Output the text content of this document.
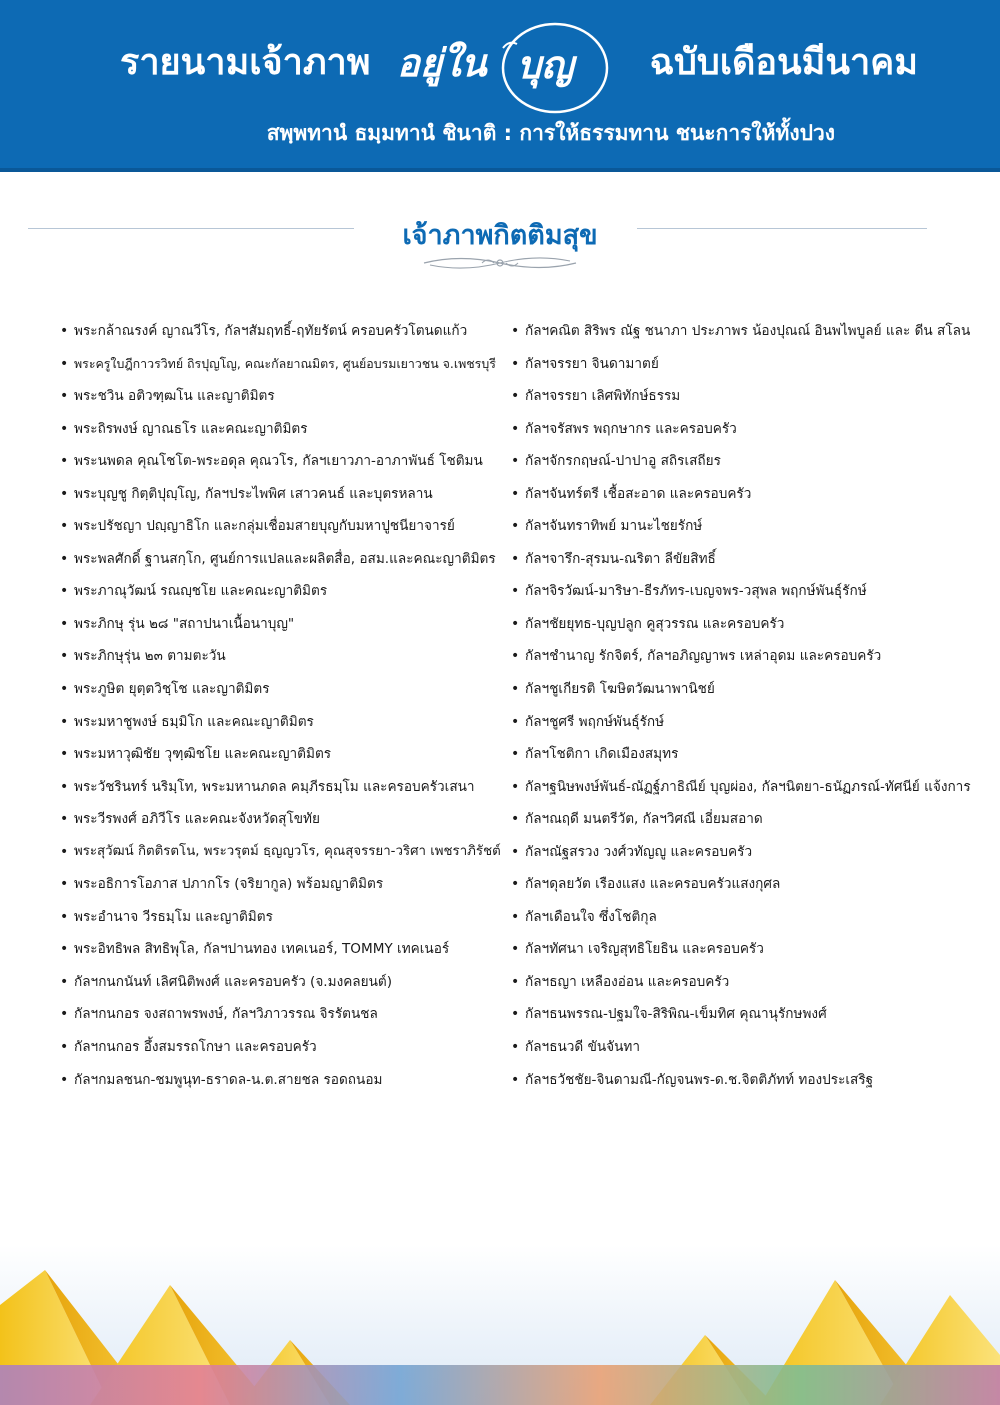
รายนามเจ้าภาพ อยู่ใน บุญ ฉบับเดือนมีนาคม
สพฺพทานํ ธมฺมทานํ ชินาติ : การให้ธรรมทาน ชนะการให้ทั้งปวง
เจ้าภาพกิตติมสุข
• พระกล้าณรงค์ ญาณวีโร, กัลฯสัมฤทธิ์-ฤทัยรัตน์ ครอบครัวโตนดแก้ว
• พระครูใบฎีกาวรวิทย์ ถิรปุญโญ, คณะกัลยาณมิตร, ศูนย์อบรมเยาวชน จ.เพชรบุรี
• พระชวิน อติวฑฺฒโน และญาติมิตร
• พระถิรพงษ์ ญาณธโร และคณะญาติมิตร
• พระนพดล คุณโชโต-พระอดุล คุณวโร, กัลฯเยาวภา-อาภาพันธ์ โชติมน
• พระบุญชู กิตฺติปุญฺโญ, กัลฯประไพพิศ เสาวคนธ์ และบุตรหลาน
• พระปรัชญา ปญฺญาธิโก และกลุ่มเชื่อมสายบุญกับมหาปูชนียาจารย์
• พระพลศักดิ์ ฐานสกฺโก, ศูนย์การแปลและผลิตสื่อ, อสม.และคณะญาติมิตร
• พระภาณุวัฒน์ รณญฺชโย และคณะญาติมิตร
• พระภิกษุ รุ่น ๒๘ "สถาปนาเนื้อนาบุญ"
• พระภิกษุรุ่น ๒๓ ตามตะวัน
• พระภูษิต ยุตฺตวิชฺโช และญาติมิตร
• พระมหาชูพงษ์ ธมฺมิโก และคณะญาติมิตร
• พระมหาวุฒิชัย วุฑฺฒิชโย และคณะญาติมิตร
• พระวัชรินทร์ นริมฺโท, พระมหานภดล คมฺภีรธมฺโม และครอบครัวเสนา
• พระวีรพงศ์ อภิวีโร และคณะจังหวัดสุโขทัย
• พระสุวัฒน์ กิตติรตโน, พระวรุตม์ ธฺญญวโร, คุณสุจรรยา-วริศา เพชราภิรัชต์
• พระอธิการโอภาส ปภากโร (จริยากูล) พร้อมญาติมิตร
• พระอำนาจ วีรธมฺโม และญาติมิตร
• พระอิทธิพล สิทธิพุโล, กัลฯปานทอง เทคเนอร์, TOMMY เทคเนอร์
• กัลฯกนกนันท์ เลิศนิติพงศ์ และครอบครัว (จ.มงคลยนต์)
• กัลฯกนกอร จงสถาพรพงษ์, กัลฯวิภาวรรณ จิรรัตนชล
• กัลฯกนกอร อึ้งสมรรถโกษา และครอบครัว
• กัลฯกมลชนก-ชมพูนุท-ธราดล-น.ต.สายชล รอดถนอม
• กัลฯคณิต สิริพร ณัฐ ชนาภา ประภาพร น้องปุณณ์ อินพไพบูลย์ และ ดีน สโลน
• กัลฯจรรยา จินดามาตย์
• กัลฯจรรยา เลิศพิทักษ์ธรรม
• กัลฯจรัสพร พฤกษากร และครอบครัว
• กัลฯจักรกฤษณ์-ปาปาอู สถิรเสถียร
• กัลฯจันทร์ตรี เชื้อสะอาด และครอบครัว
• กัลฯจันทราทิพย์ มานะไชยรักษ์
• กัลฯจารึก-สุรมน-ณริตา ลีขัยสิทธิ์
• กัลฯจิรวัฒน์-มาริษา-ธีรภัทร-เบญจพร-วสุพล พฤกษ์พันธุ์รักษ์
• กัลฯชัยยุทธ-บุญปลูก คูสุวรรณ และครอบครัว
• กัลฯชำนาญ รักจิตร์, กัลฯอภิญญาพร เหล่าอุดม และครอบครัว
• กัลฯชูเกียรติ โฆษิตวัฒนาพานิชย์
• กัลฯชูศรี พฤกษ์พันธุ์รักษ์
• กัลฯโชติกา เกิดเมืองสมุทร
• กัลฯฐนิษพงษ์พันธ์-ณัฏฐ์ภาธิณีย์ บุญผ่อง, กัลฯนิตยา-ธนัฏภรณ์-ทัศนีย์ แจ้งการ
• กัลฯณฤดี มนตรีวัต, กัลฯวิศณี เอี่ยมสอาด
• กัลฯณัฐสรวง วงศ์วทัญญู และครอบครัว
• กัลฯดุลยวัต เรืองแสง และครอบครัวแสงกุศล
• กัลฯเดือนใจ ซึ่งโชติกุล
• กัลฯทัศนา เจริญสุทธิโยธิน และครอบครัว
• กัลฯธญา เหลืองอ่อน และครอบครัว
• กัลฯธนพรรณ-ปฐมใจ-สิริพิณ-เข็มทิศ คุณานุรักษพงศ์
• กัลฯธนวดี ขันจันทา
• กัลฯธวัชชัย-จินดามณี-กัญจนพร-ด.ช.จิตติภัทท์ ทองประเสริฐ
